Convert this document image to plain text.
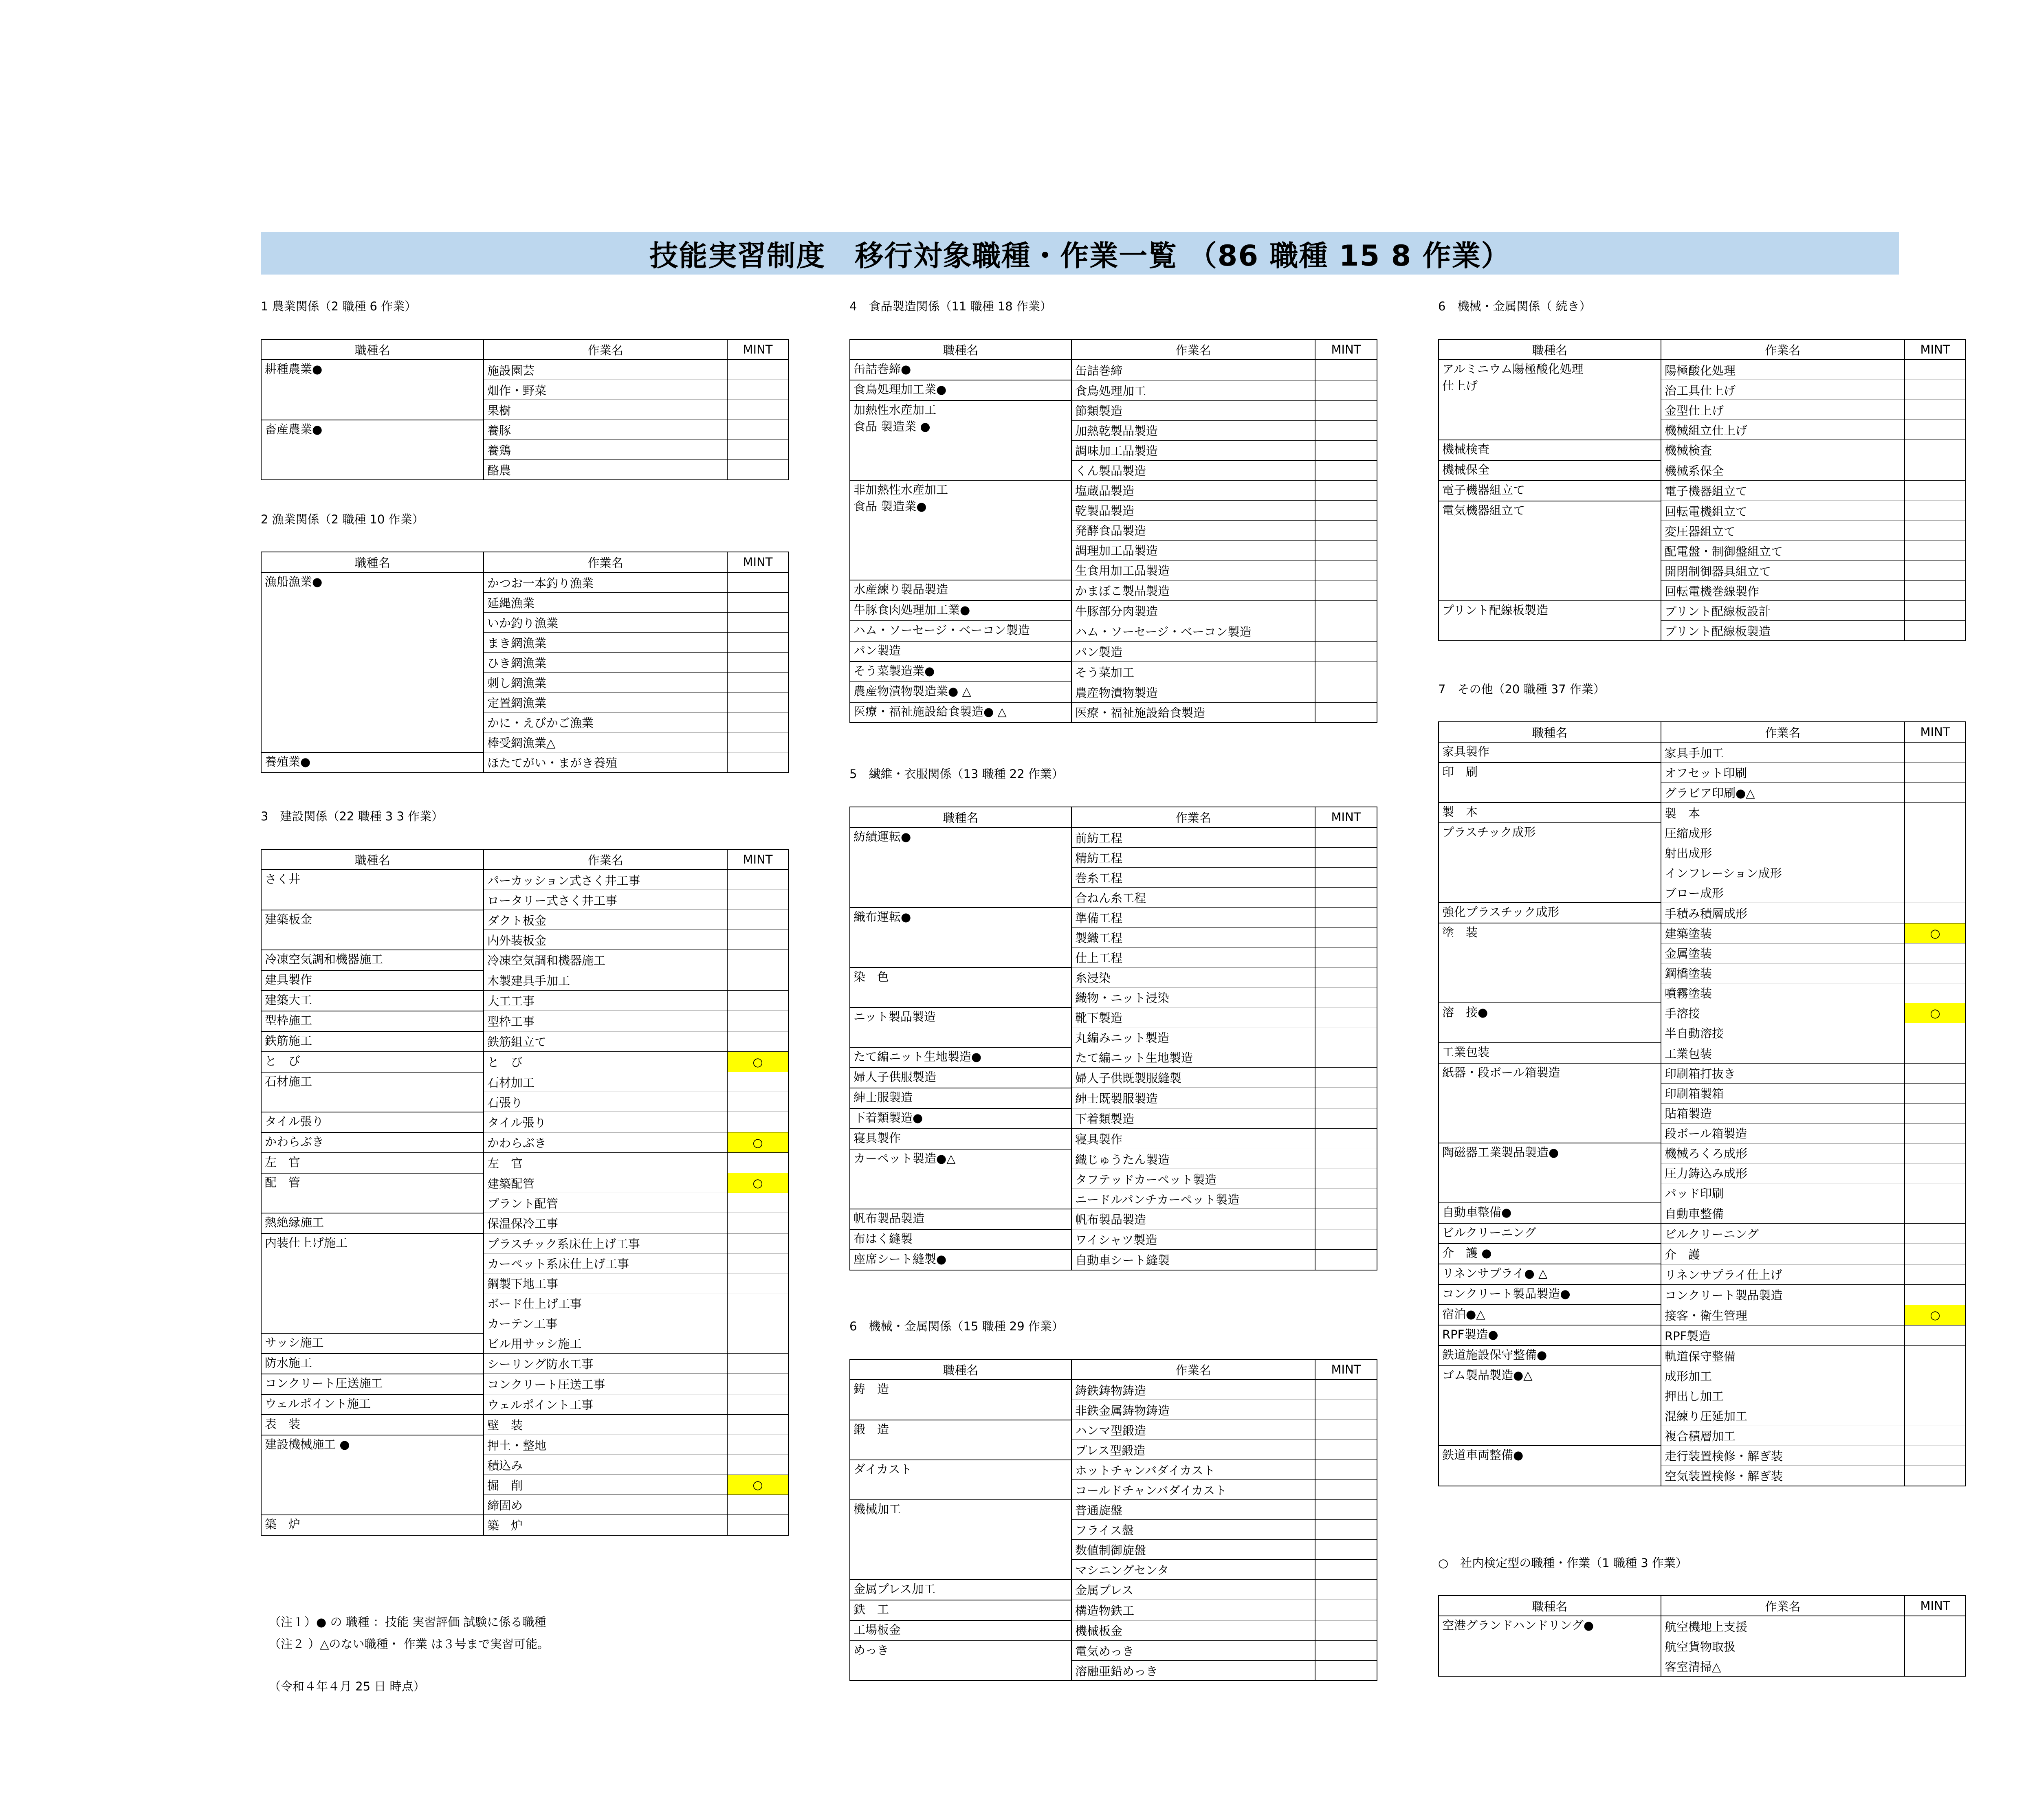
技能実習制度　移行対象職種・作業一覧 （86 職種 15 8 作業）
1 農業関係（2 職種 6 作業）
職種名	作業名	MINT
耕種農業●	施設園芸	
	畑作・野菜	
	果樹	
畜産農業●	養豚	
	養鶏	
	酪農	
2 漁業関係（2 職種 10 作業）
職種名	作業名	MINT
漁船漁業●	かつお一本釣り漁業	
	延縄漁業	
	いか釣り漁業	
	まき網漁業	
	ひき網漁業	
	刺し網漁業	
	定置網漁業	
	かに・えびかご漁業	
	棒受網漁業△	
養殖業●	ほたてがい・まがき養殖	
3　建設関係（22 職種 3 3 作業）
職種名	作業名	MINT
さく井	パーカッション式さく井工事	
	ロータリー式さく井工事	
建築板金	ダクト板金	
	内外装板金	
冷凍空気調和機器施工	冷凍空気調和機器施工	
建具製作	木製建具手加工	
建築大工	大工工事	
型枠施工	型枠工事	
鉄筋施工	鉄筋組立て	
と　び	と　び	○
石材施工	石材加工	
	石張り	
タイル張り	タイル張り	
かわらぶき	かわらぶき	○
左　官	左　官	
配　管	建築配管	○
	プラント配管	
熱絶縁施工	保温保冷工事	
内装仕上げ施工	プラスチック系床仕上げ工事	
	カーペット系床仕上げ工事	
	鋼製下地工事	
	ボード仕上げ工事	
	カーテン工事	
サッシ施工	ビル用サッシ施工	
防水施工	シーリング防水工事	
コンクリート圧送施工	コンクリート圧送工事	
ウェルポイント施工	ウェルポイント工事	
表　装	壁　装	
建設機械施工 ●	押土・整地	
	積込み	
	掘　削	○
	締固め	
築　炉	築　炉	
4　食品製造関係（11 職種 18 作業）
職種名	作業名	MINT
缶詰巻締●	缶詰巻締	
食鳥処理加工業●	食鳥処理加工	
加熱性水産加工
食品 製造業 ●	節類製造	
	加熱乾製品製造	
	調味加工品製造	
	くん製品製造	
非加熱性水産加工
食品 製造業●	塩蔵品製造	
	乾製品製造	
	発酵食品製造	
	調理加工品製造	
	生食用加工品製造	
水産練り製品製造	かまぼこ製品製造	
牛豚食肉処理加工業●	牛豚部分肉製造	
ハム・ソーセージ・ベーコン製造	ハム・ソーセージ・ベーコン製造	
パン製造	パン製造	
そう菜製造業●	そう菜加工	
農産物漬物製造業● △	農産物漬物製造	
医療・福祉施設給食製造● △	医療・福祉施設給食製造	
5　繊維・衣服関係（13 職種 22 作業）
職種名	作業名	MINT
紡績運転●	前紡工程	
	精紡工程	
	巻糸工程	
	合ねん糸工程	
織布運転●	準備工程	
	製織工程	
	仕上工程	
染　色	糸浸染	
	織物・ニット浸染	
ニット製品製造	靴下製造	
	丸編みニット製造	
たて編ニット生地製造●	たて編ニット生地製造	
婦人子供服製造	婦人子供既製服縫製	
紳士服製造	紳士既製服製造	
下着類製造●	下着類製造	
寝具製作	寝具製作	
カーペット製造●△	織じゅうたん製造	
	タフテッドカーペット製造	
	ニードルパンチカーペット製造	
帆布製品製造	帆布製品製造	
布はく縫製	ワイシャツ製造	
座席シート縫製●	自動車シート縫製	
6　機械・金属関係（15 職種 29 作業）
職種名	作業名	MINT
鋳　造	鋳鉄鋳物鋳造	
	非鉄金属鋳物鋳造	
鍛　造	ハンマ型鍛造	
	プレス型鍛造	
ダイカスト	ホットチャンバダイカスト	
	コールドチャンバダイカスト	
機械加工	普通旋盤	
	フライス盤	
	数値制御旋盤	
	マシニングセンタ	
金属プレス加工	金属プレス	
鉄　工	構造物鉄工	
工場板金	機械板金	
めっき	電気めっき	
	溶融亜鉛めっき	
6　機械・金属関係（ 続き）
職種名	作業名	MINT
アルミニウム陽極酸化処理
仕上げ	陽極酸化処理	
	治工具仕上げ	
	金型仕上げ	
	機械組立仕上げ	
機械検査	機械検査	
機械保全	機械系保全	
電子機器組立て	電子機器組立て	
電気機器組立て	回転電機組立て	
	変圧器組立て	
	配電盤・制御盤組立て	
	開閉制御器具組立て	
	回転電機巻線製作	
プリント配線板製造	プリント配線板設計	
	プリント配線板製造	
7　その他（20 職種 37 作業）
職種名	作業名	MINT
家具製作	家具手加工	
印　刷	オフセット印刷	
	グラビア印刷●△	
製　本	製　本	
プラスチック成形	圧縮成形	
	射出成形	
	インフレーション成形	
	ブロー成形	
強化プラスチック成形	手積み積層成形	
塗　装	建築塗装	○
	金属塗装	
	鋼橋塗装	
	噴霧塗装	
溶　接●	手溶接	○
	半自動溶接	
工業包装	工業包装	
紙器・段ボール箱製造	印刷箱打抜き	
	印刷箱製箱	
	貼箱製造	
	段ボール箱製造	
陶磁器工業製品製造●	機械ろくろ成形	
	圧力鋳込み成形	
	パッド印刷	
自動車整備●	自動車整備	
ビルクリーニング	ビルクリーニング	
介　護 ●	介　護	
リネンサプライ● △	リネンサプライ仕上げ	
コンクリート製品製造●	コンクリート製品製造	
宿泊●△	接客・衛生管理	○
RPF製造●	RPF製造	
鉄道施設保守整備●	軌道保守整備	
ゴム製品製造●△	成形加工	
	押出し加工	
	混練り圧延加工	
	複合積層加工	
鉄道車両整備●	走行装置検修・解ぎ装	
	空気装置検修・解ぎ装	
○　社内検定型の職種・作業（1 職種 3 作業）
職種名	作業名	MINT
空港グランドハンドリング●	航空機地上支援	
	航空貨物取扱	
	客室清掃△	
（注１）● の 職種 ：技能 実習評価 試験に係る職種
（注２ ）△のない職種・ 作業 は３号まで実習可能。
（令和４年４月 25 日 時点）
